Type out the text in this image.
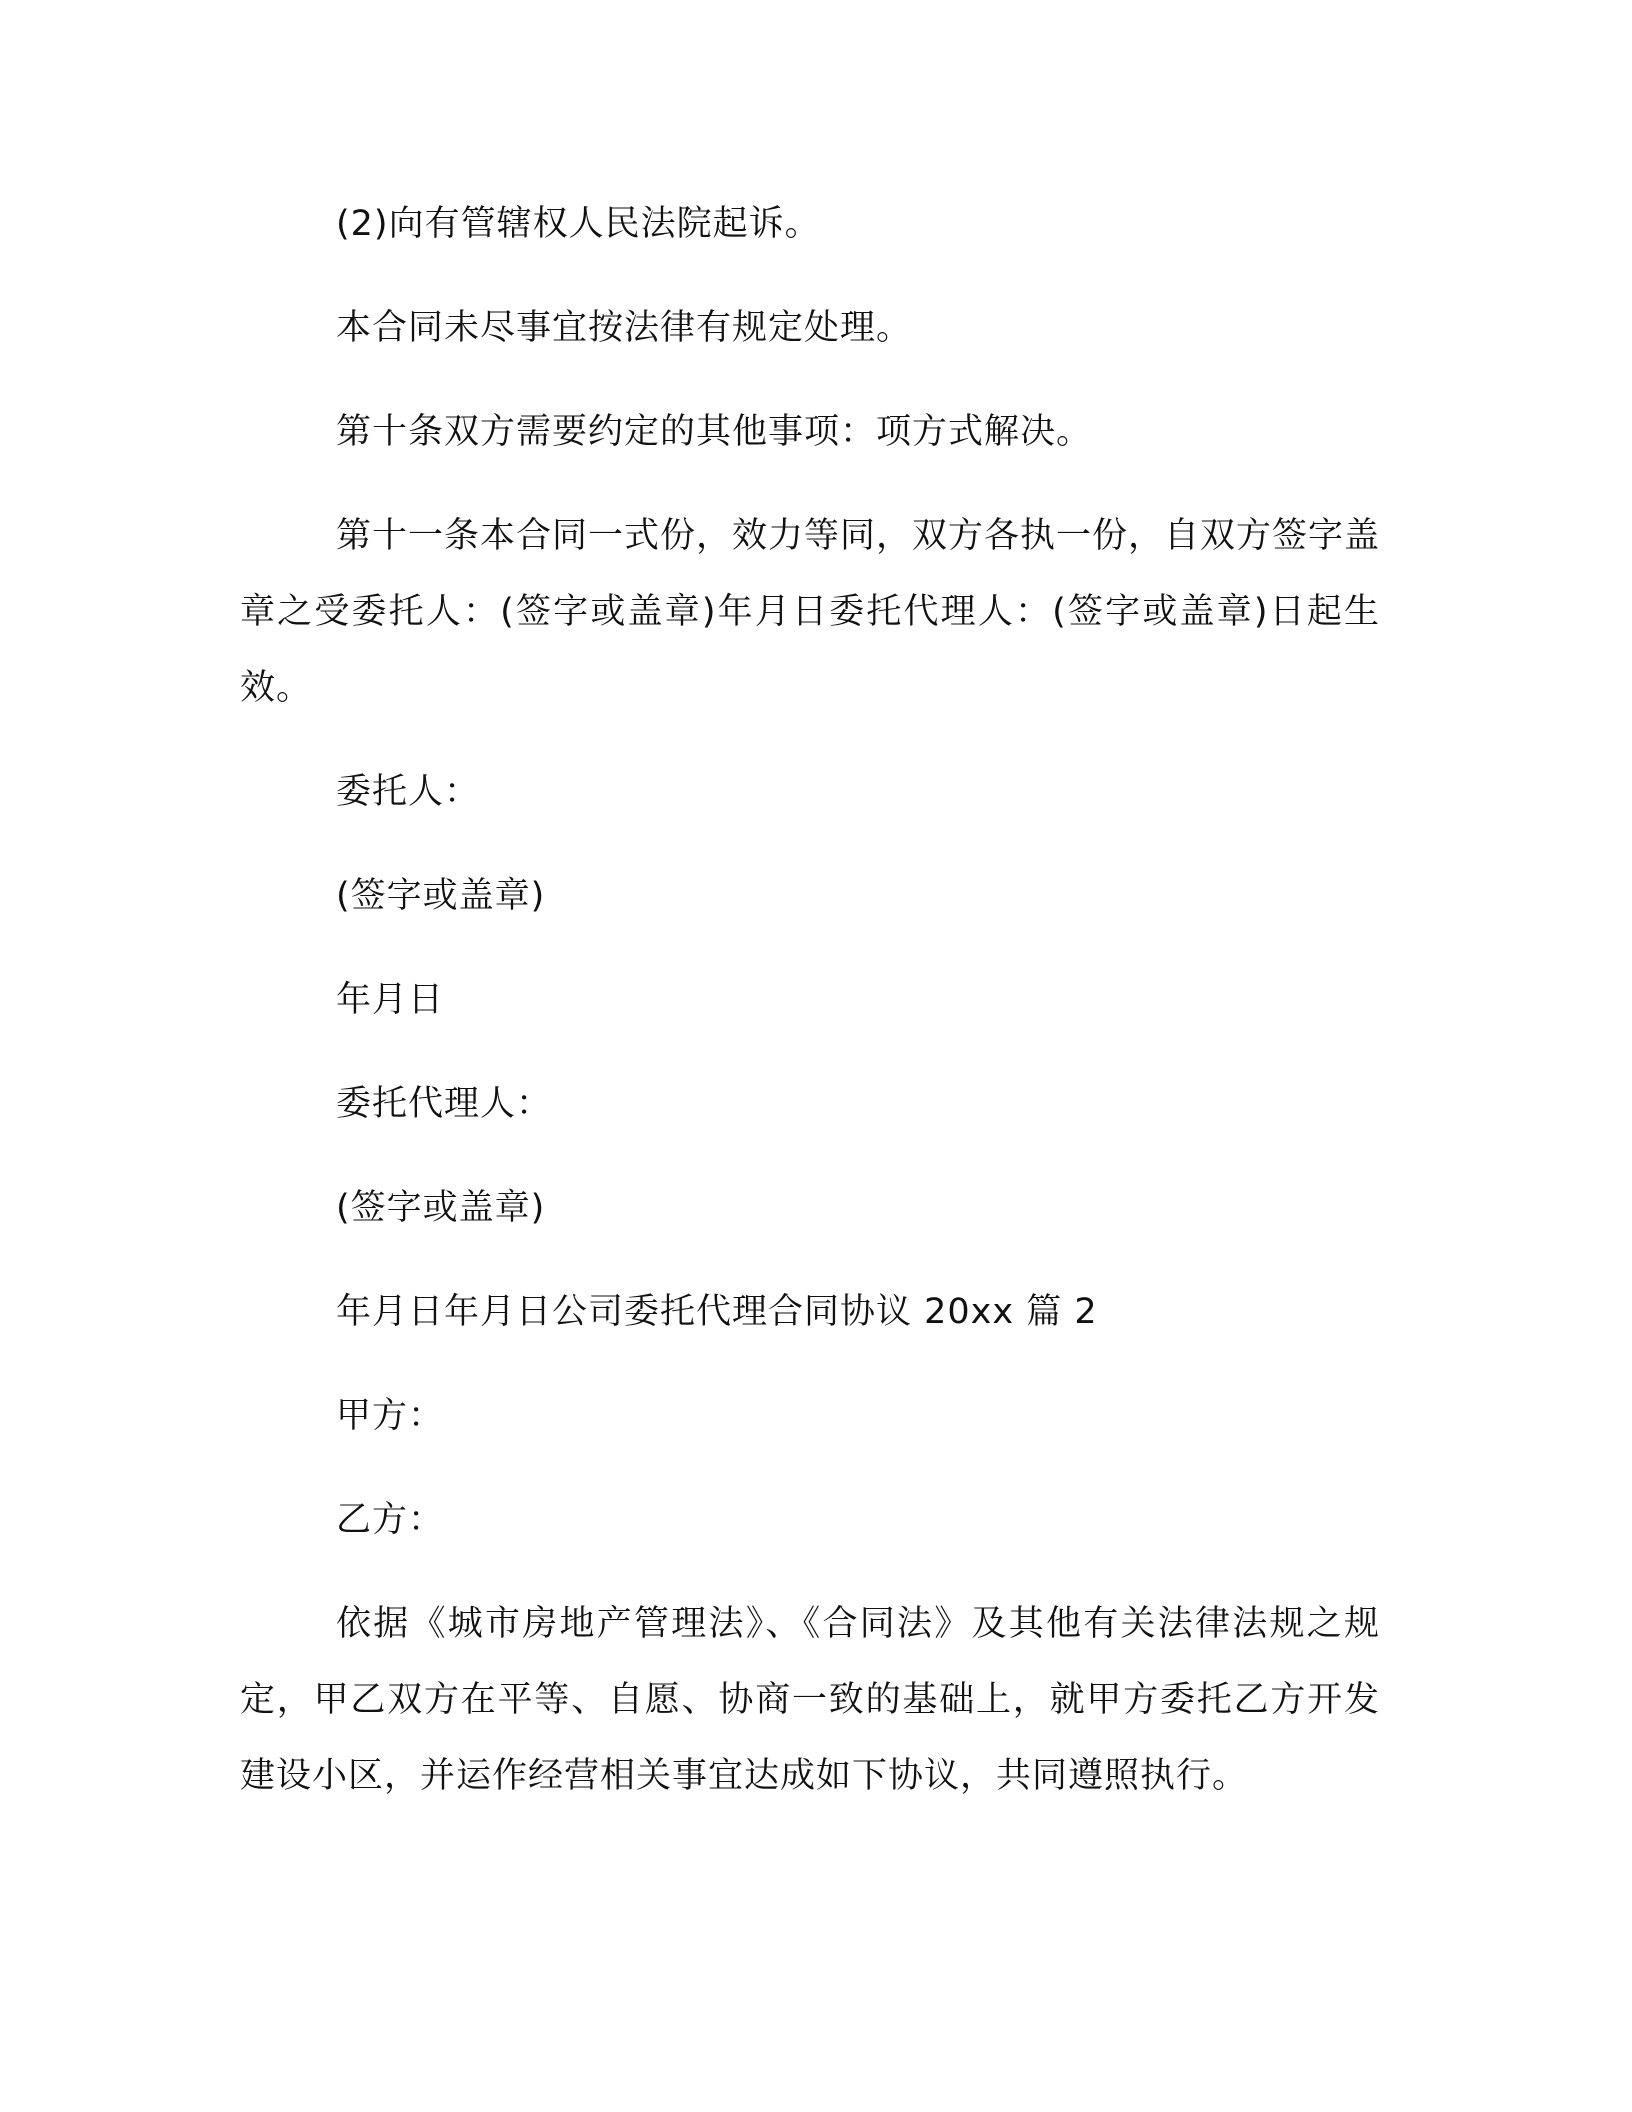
(2)向有管辖权人民法院起诉。

本合同未尽事宜按法律有规定处理。

第十条双方需要约定的其他事项：项方式解决。

第十一条本合同一式份，效力等同，双方各执一份，自双方签字盖章之受委托人：(签字或盖章)年月日委托代理人：(签字或盖章)日起生效。

委托人：

(签字或盖章)

年月日

委托代理人：

(签字或盖章)

年月日年月日公司委托代理合同协议 20xx 篇 2

甲方：

乙方：

依据《城市房地产管理法》、《合同法》及其他有关法律法规之规定，甲乙双方在平等、自愿、协商一致的基础上，就甲方委托乙方开发建设小区，并运作经营相关事宜达成如下协议，共同遵照执行。
